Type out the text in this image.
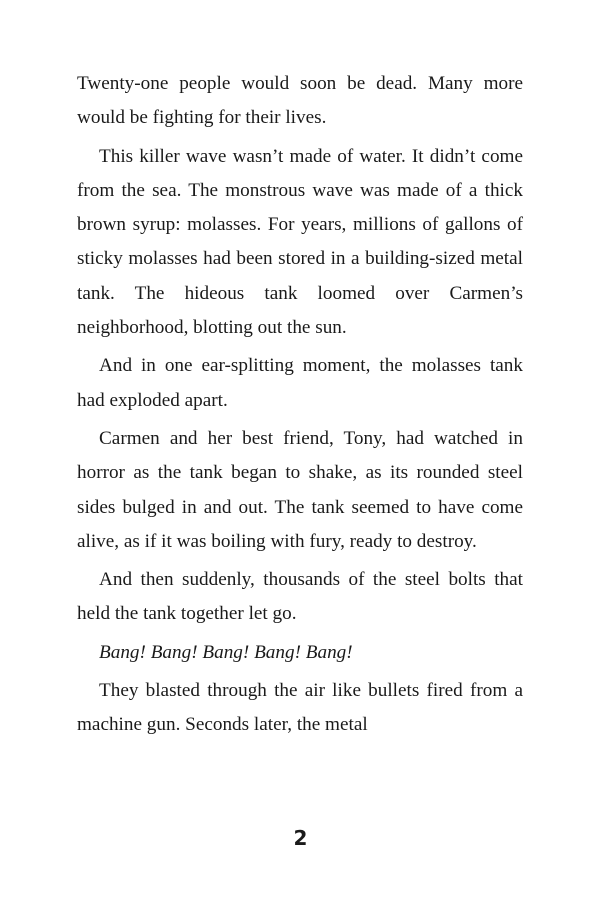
Twenty-one people would soon be dead. Many more would be fighting for their lives.

This killer wave wasn’t made of water. It didn’t come from the sea. The monstrous wave was made of a thick brown syrup: molasses. For years, millions of gallons of sticky molasses had been stored in a building-sized metal tank. The hideous tank loomed over Carmen’s neighborhood, blotting out the sun.

And in one ear-splitting moment, the molasses tank had exploded apart.

Carmen and her best friend, Tony, had watched in horror as the tank began to shake, as its rounded steel sides bulged in and out. The tank seemed to have come alive, as if it was boiling with fury, ready to destroy.

And then suddenly, thousands of the steel bolts that held the tank together let go.

Bang! Bang! Bang! Bang! Bang!

They blasted through the air like bullets fired from a machine gun. Seconds later, the metal

2
